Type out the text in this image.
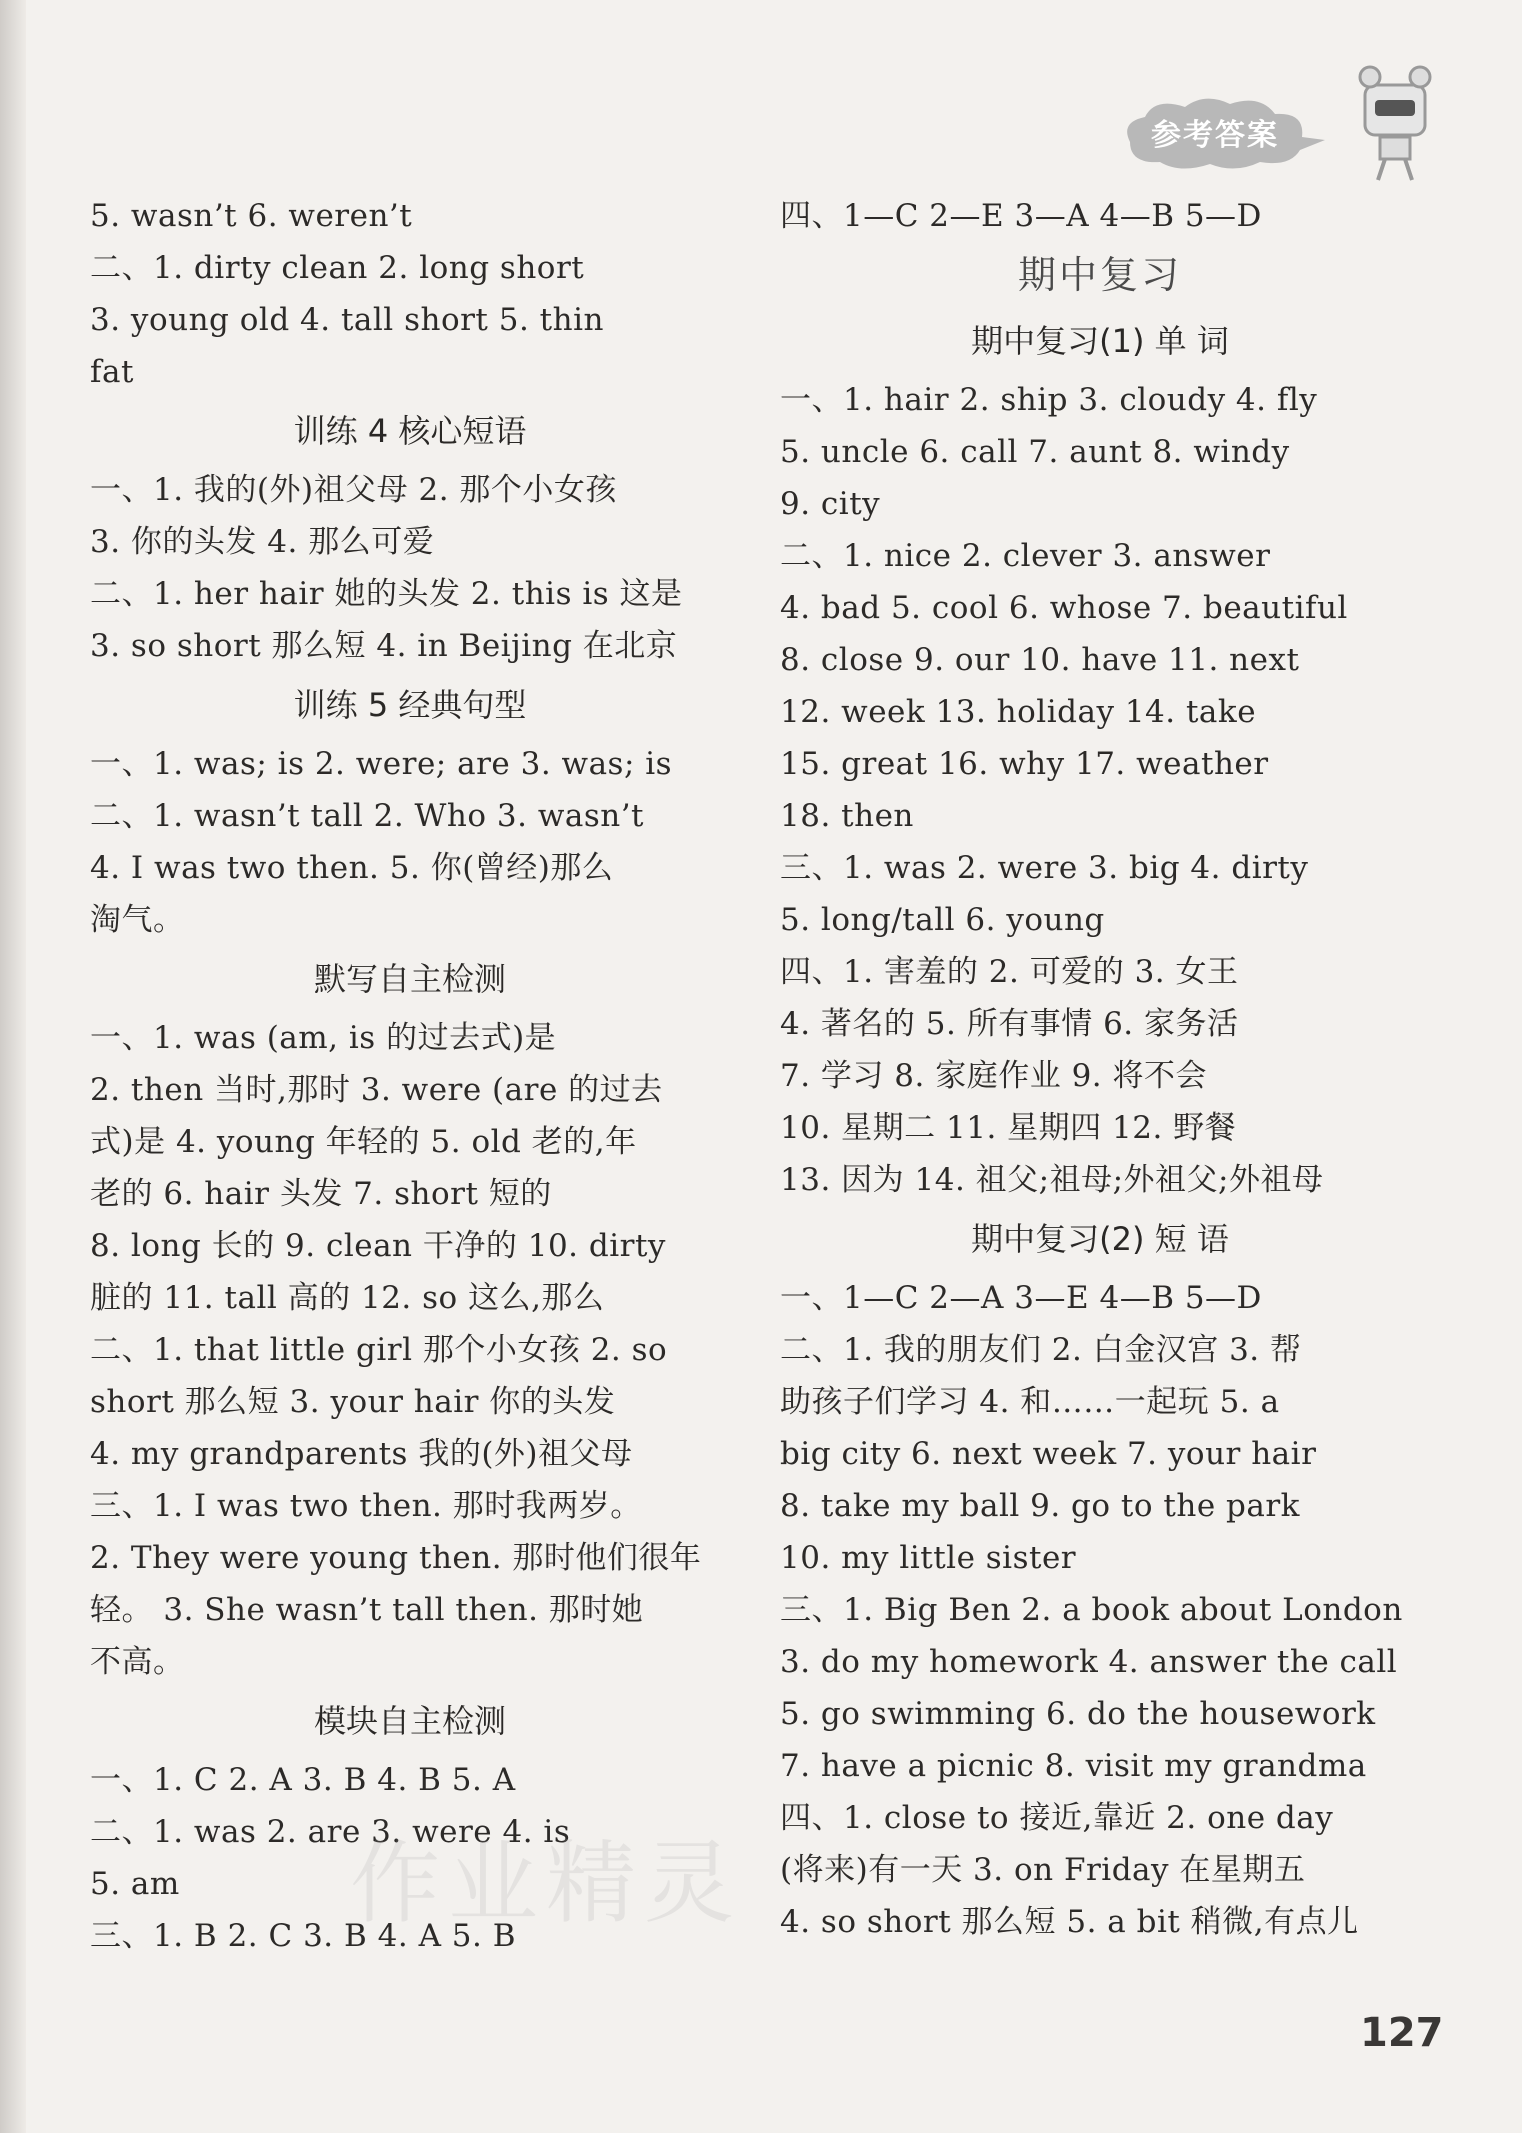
参考答案
5. wasn’t 6. weren’t
二、1. dirty clean 2. long short
3. young old 4. tall short 5. thin
fat
训练 4 核心短语
一、1. 我的(外)祖父母 2. 那个小女孩
3. 你的头发 4. 那么可爱
二、1. her hair 她的头发 2. this is 这是
3. so short 那么短 4. in Beijing 在北京
训练 5 经典句型
一、1. was; is 2. were; are 3. was; is
二、1. wasn’t tall 2. Who 3. wasn’t
4. I was two then. 5. 你(曾经)那么
淘气。
默写自主检测
一、1. was (am, is 的过去式)是
2. then 当时,那时 3. were (are 的过去
式)是 4. young 年轻的 5. old 老的,年
老的 6. hair 头发 7. short 短的
8. long 长的 9. clean 干净的 10. dirty
脏的 11. tall 高的 12. so 这么,那么
二、1. that little girl 那个小女孩 2. so
short 那么短 3. your hair 你的头发
4. my grandparents 我的(外)祖父母
三、1. I was two then. 那时我两岁。
2. They were young then. 那时他们很年
轻。 3. She wasn’t tall then. 那时她
不高。
模块自主检测
一、1. C 2. A 3. B 4. B 5. A
二、1. was 2. are 3. were 4. is
5. am
三、1. B 2. C 3. B 4. A 5. B
四、1—C 2—E 3—A 4—B 5—D
期中复习
期中复习(1) 单 词
一、1. hair 2. ship 3. cloudy 4. fly
5. uncle 6. call 7. aunt 8. windy
9. city
二、1. nice 2. clever 3. answer
4. bad 5. cool 6. whose 7. beautiful
8. close 9. our 10. have 11. next
12. week 13. holiday 14. take
15. great 16. why 17. weather
18. then
三、1. was 2. were 3. big 4. dirty
5. long/tall 6. young
四、1. 害羞的 2. 可爱的 3. 女王
4. 著名的 5. 所有事情 6. 家务活
7. 学习 8. 家庭作业 9. 将不会
10. 星期二 11. 星期四 12. 野餐
13. 因为 14. 祖父;祖母;外祖父;外祖母
期中复习(2) 短 语
一、1—C 2—A 3—E 4—B 5—D
二、1. 我的朋友们 2. 白金汉宫 3. 帮
助孩子们学习 4. 和……一起玩 5. a
big city 6. next week 7. your hair
8. take my ball 9. go to the park
10. my little sister
三、1. Big Ben 2. a book about London
3. do my homework 4. answer the call
5. go swimming 6. do the housework
7. have a picnic 8. visit my grandma
四、1. close to 接近,靠近 2. one day
(将来)有一天 3. on Friday 在星期五
4. so short 那么短 5. a bit 稍微,有点儿
作业精灵
127
